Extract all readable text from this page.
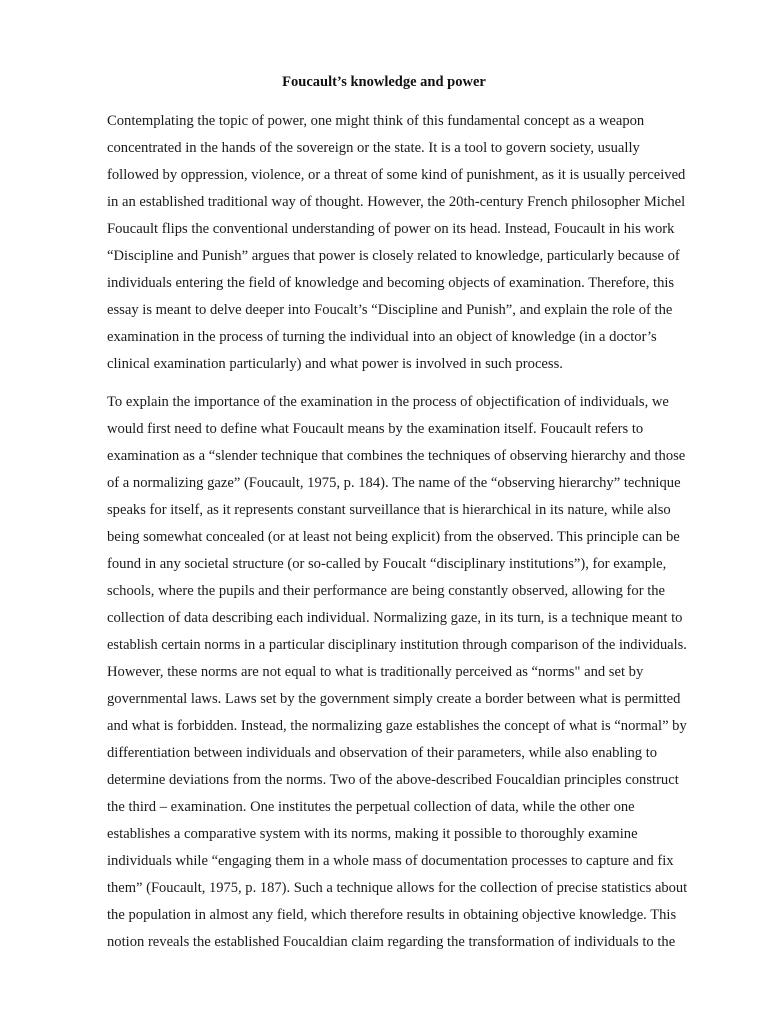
Foucault’s knowledge and power
Contemplating the topic of power, one might think of this fundamental concept as a weapon
concentrated in the hands of the sovereign or the state. It is a tool to govern society, usually
followed by oppression, violence, or a threat of some kind of punishment, as it is usually perceived
in an established traditional way of thought. However, the 20th-century French philosopher Michel
Foucault flips the conventional understanding of power on its head. Instead, Foucault in his work
“Discipline and Punish” argues that power is closely related to knowledge, particularly because of
individuals entering the field of knowledge and becoming objects of examination. Therefore, this
essay is meant to delve deeper into Foucalt’s “Discipline and Punish”, and explain the role of the
examination in the process of turning the individual into an object of knowledge (in a doctor’s
clinical examination particularly) and what power is involved in such process.
To explain the importance of the examination in the process of objectification of individuals, we
would first need to define what Foucault means by the examination itself. Foucault refers to
examination as a “slender technique that combines the techniques of observing hierarchy and those
of a normalizing gaze” (Foucault, 1975, p. 184). The name of the “observing hierarchy” technique
speaks for itself, as it represents constant surveillance that is hierarchical in its nature, while also
being somewhat concealed (or at least not being explicit) from the observed. This principle can be
found in any societal structure (or so-called by Foucalt “disciplinary institutions”), for example,
schools, where the pupils and their performance are being constantly observed, allowing for the
collection of data describing each individual. Normalizing gaze, in its turn, is a technique meant to
establish certain norms in a particular disciplinary institution through comparison of the individuals.
However, these norms are not equal to what is traditionally perceived as “norms" and set by
governmental laws. Laws set by the government simply create a border between what is permitted
and what is forbidden. Instead, the normalizing gaze establishes the concept of what is “normal” by
differentiation between individuals and observation of their parameters, while also enabling to
determine deviations from the norms. Two of the above-described Foucaldian principles construct
the third – examination. One institutes the perpetual collection of data, while the other one
establishes a comparative system with its norms, making it possible to thoroughly examine
individuals while “engaging them in a whole mass of documentation processes to capture and fix
them” (Foucault, 1975, p. 187). Such a technique allows for the collection of precise statistics about
the population in almost any field, which therefore results in obtaining objective knowledge. This
notion reveals the established Foucaldian claim regarding the transformation of individuals to the
